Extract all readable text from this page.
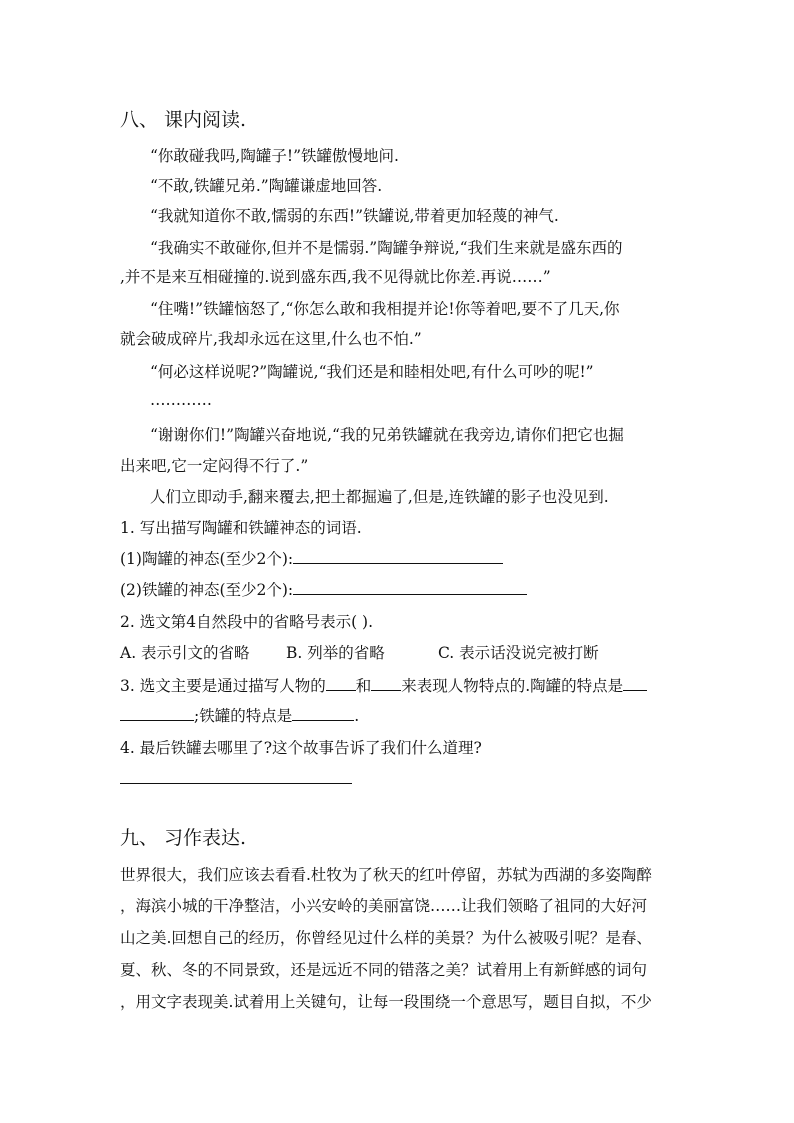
八、 课内阅读.
“你敢碰我吗,陶罐子!”铁罐傲慢地问.
“不敢,铁罐兄弟.”陶罐谦虚地回答.
“我就知道你不敢,懦弱的东西!”铁罐说,带着更加轻蔑的神气.
“我确实不敢碰你,但并不是懦弱.”陶罐争辩说,“我们生来就是盛东西的
,并不是来互相碰撞的.说到盛东西,我不见得就比你差.再说……”
“住嘴!”铁罐恼怒了,“你怎么敢和我相提并论!你等着吧,要不了几天,你
就会破成碎片,我却永远在这里,什么也不怕.”
“何必这样说呢?”陶罐说,“我们还是和睦相处吧,有什么可吵的呢!”
…………
“谢谢你们!”陶罐兴奋地说,“我的兄弟铁罐就在我旁边,请你们把它也掘
出来吧,它一定闷得不行了.”
人们立即动手,翻来覆去,把土都掘遍了,但是,连铁罐的影子也没见到.
1. 写出描写陶罐和铁罐神态的词语.
(1)陶罐的神态(至少2个):
(2)铁罐的神态(至少2个):
2. 选文第4自然段中的省略号表示( ).
A. 表示引文的省略 B. 列举的省略	C. 表示话没说完被打断
3. 选文主要是通过描写人物的 和 来表现人物特点的.陶罐的特点是
;铁罐的特点是	.
4. 最后铁罐去哪里了?这个故事告诉了我们什么道理?
九、 习作表达.
世界很大，我们应该去看看.杜牧为了秋天的红叶停留，苏轼为西湖的多姿陶醉
，海滨小城的干净整洁，小兴安岭的美丽富饶……让我们领略了祖同的大好河
山之美.回想自己的经历，你曾经见过什么样的美景？为什么被吸引呢？是春、
夏、秋、冬的不同景致，还是远近不同的错落之美？试着用上有新鲜感的词句
，用文字表现美.试着用上关键句，让每一段围绕一个意思写，题目自拟，不少
